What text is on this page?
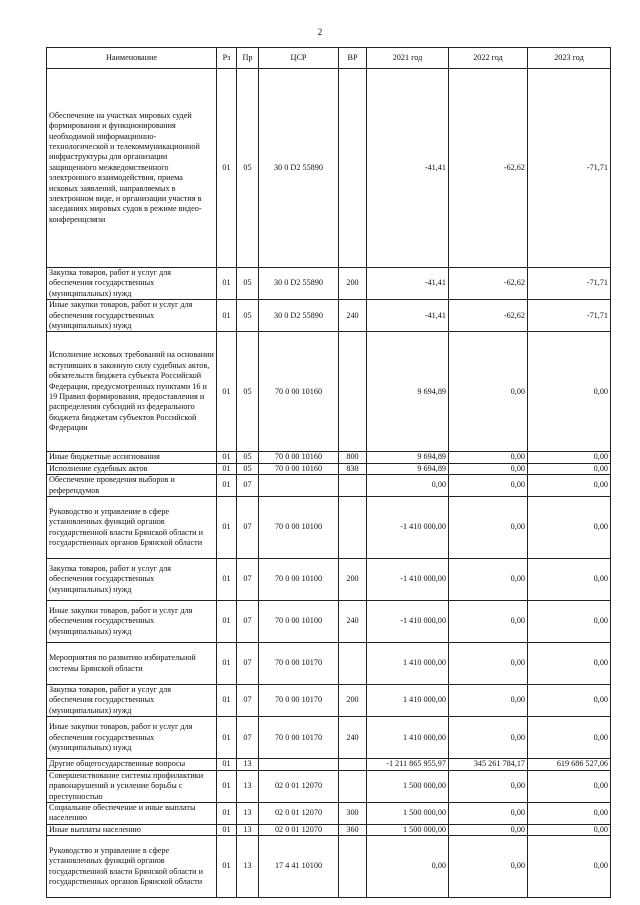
2
Наименование	Рз	Пр	ЦСР	ВР	2021 год	2022 год	2023 год
Обеспечение на участках мировых судей формирования и функционирования необходимой информационно-технологической и телекоммуникационной инфраструктуры для организации защищенного межведомственного электронного взаимодействия, приема исковых заявлений, направляемых в электронном виде, и организации участия в заседаниях мировых судов в режиме видео-конференцсвязи	01	05	30 0 D2 55890		-41,41	-62,62	-71,71
Закупка товаров, работ и услуг для обеспечения государственных (муниципальных) нужд	01	05	30 0 D2 55890	200	-41,41	-62,62	-71,71
Иные закупки товаров, работ и услуг для обеспечения государственных (муниципальных) нужд	01	05	30 0 D2 55890	240	-41,41	-62,62	-71,71
Исполнение исковых требований на основании вступивших в законную силу судебных актов, обязательств бюджета субъекта Российской Федерации, предусмотренных пунктами 16 и 19 Правил формирования, предоставления и распределения субсидий из федерального бюджета бюджетам субъектов Российской Федерации	01	05	70 0 00 10160		9 694,89	0,00	0,00
Иные бюджетные ассигнования	01	05	70 0 00 10160	800	9 694,89	0,00	0,00
Исполнение судебных актов	01	05	70 0 00 10160	830	9 694,89	0,00	0,00
Обеспечение проведения выборов и референдумов	01	07			0,00	0,00	0,00
Руководство и управление в сфере установленных функций органов государственной власти Брянской области и государственных органов Брянской области	01	07	70 0 00 10100		-1 410 000,00	0,00	0,00
Закупка товаров, работ и услуг для обеспечения государственных (муниципальных) нужд	01	07	70 0 00 10100	200	-1 410 000,00	0,00	0,00
Иные закупки товаров, работ и услуг для обеспечения государственных (муниципальных) нужд	01	07	70 0 00 10100	240	-1 410 000,00	0,00	0,00
Мероприятия по развитию избирательной системы Брянской области	01	07	70 0 00 10170		1 410 000,00	0,00	0,00
Закупка товаров, работ и услуг для обеспечения государственных (муниципальных) нужд	01	07	70 0 00 10170	200	1 410 000,00	0,00	0,00
Иные закупки товаров, работ и услуг для обеспечения государственных (муниципальных) нужд	01	07	70 0 00 10170	240	1 410 000,00	0,00	0,00
Другие общегосударственные вопросы	01	13			-1 211 865 955,97	345 261 784,17	619 686 527,06
Совершенствование системы профилактики правонарушений и усиление борьбы с преступностью	01	13	02 0 01 12070		1 500 000,00	0,00	0,00
Социальное обеспечение и иные выплаты населению	01	13	02 0 01 12070	300	1 500 000,00	0,00	0,00
Иные выплаты населению	01	13	02 0 01 12070	360	1 500 000,00	0,00	0,00
Руководство и управление в сфере установленных функций органов государственной власти Брянской области и государственных органов Брянской области	01	13	17 4 41 10100		0,00	0,00	0,00
